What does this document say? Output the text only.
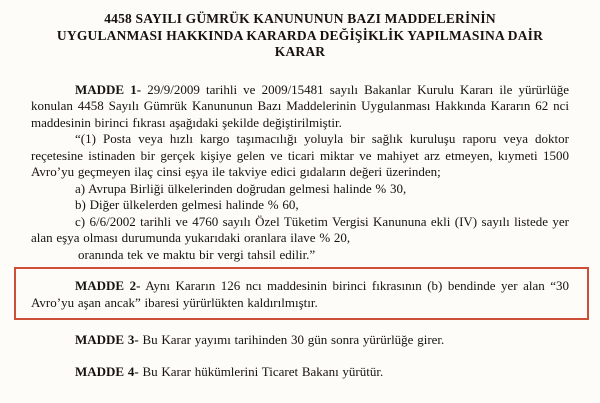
4458 SAYILI GÜMRÜK KANUNUNUN BAZI MADDELERİNİN
UYGULANMASI HAKKINDA KARARDA DEĞİŞİKLİK YAPILMASINA DAİR
KARAR

MADDE 1- 29/9/2009 tarihli ve 2009/15481 sayılı Bakanlar Kurulu Kararı ile yürürlüğe konulan 4458 Sayılı Gümrük Kanununun Bazı Maddelerinin Uygulanması Hakkında Kararın 62 nci maddesinin birinci fıkrası aşağıdaki şekilde değiştirilmiştir.

“(1) Posta veya hızlı kargo taşımacılığı yoluyla bir sağlık kuruluşu raporu veya doktor reçetesine istinaden bir gerçek kişiye gelen ve ticari miktar ve mahiyet arz etmeyen, kıymeti 1500 Avro’yu geçmeyen ilaç cinsi eşya ile takviye edici gıdaların değeri üzerinden;

a) Avrupa Birliği ülkelerinden doğrudan gelmesi halinde % 30,

b) Diğer ülkelerden gelmesi halinde % 60,

c) 6/6/2002 tarihli ve 4760 sayılı Özel Tüketim Vergisi Kanununa ekli (IV) sayılı listede yer alan eşya olması durumunda yukarıdaki oranlara ilave % 20,

oranında tek ve maktu bir vergi tahsil edilir.”

MADDE 2- Aynı Kararın 126 ncı maddesinin birinci fıkrasının (b) bendinde yer alan “30 Avro’yu aşan ancak” ibaresi yürürlükten kaldırılmıştır.

MADDE 3- Bu Karar yayımı tarihinden 30 gün sonra yürürlüğe girer.

MADDE 4- Bu Karar hükümlerini Ticaret Bakanı yürütür.
